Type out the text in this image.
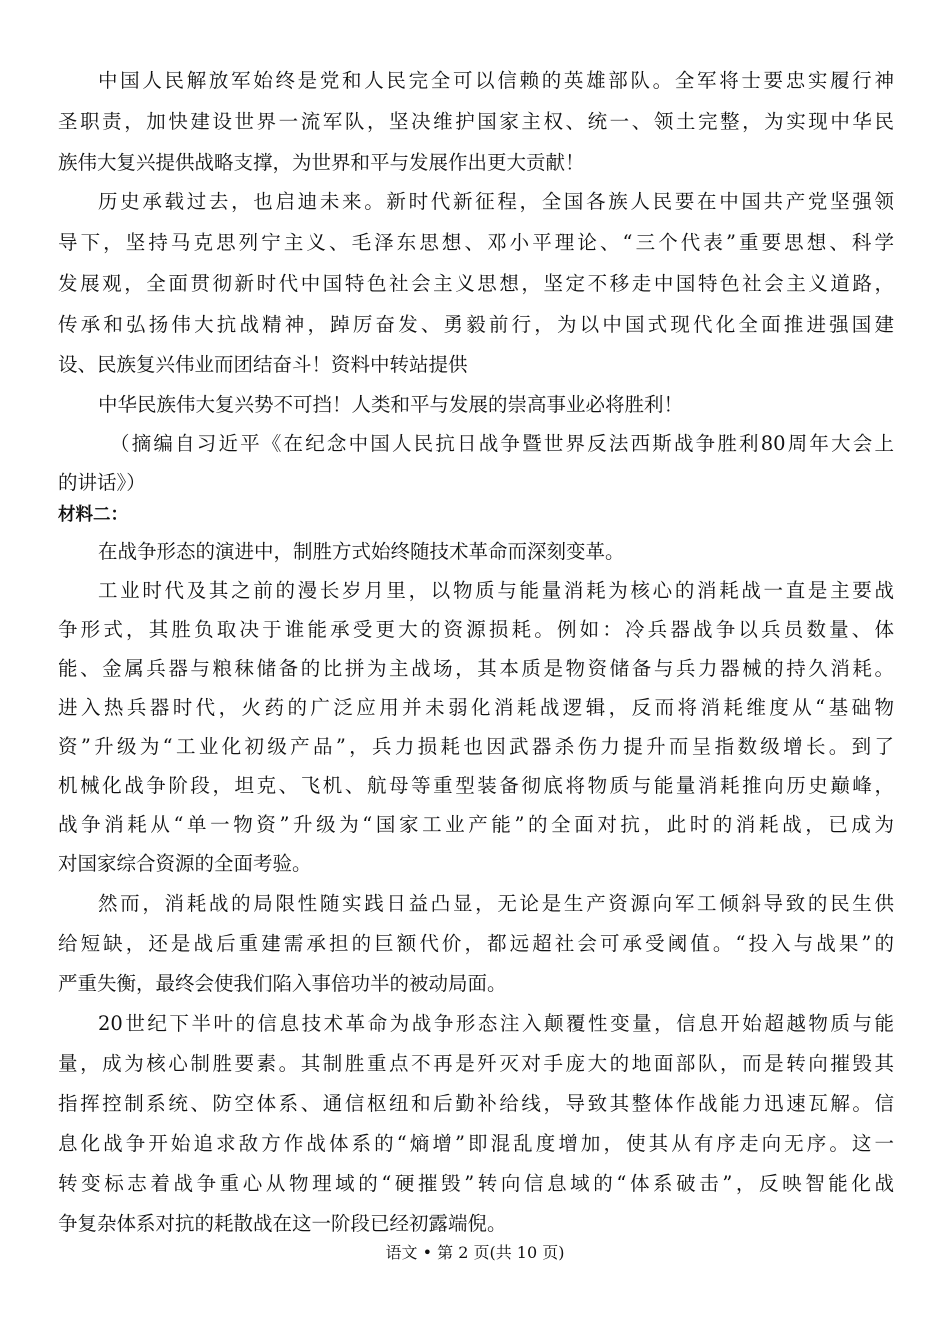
中国人民解放军始终是党和人民完全可以信赖的英雄部队。全军将士要忠实履行神
圣职责，加快建设世界一流军队，坚决维护国家主权、统一、领土完整，为实现中华民
族伟大复兴提供战略支撑，为世界和平与发展作出更大贡献！
历史承载过去，也启迪未来。新时代新征程，全国各族人民要在中国共产党坚强领
导下，坚持马克思列宁主义、毛泽东思想、邓小平理论、“三个代表”重要思想、科学
发展观，全面贯彻新时代中国特色社会主义思想，坚定不移走中国特色社会主义道路，
传承和弘扬伟大抗战精神，踔厉奋发、勇毅前行，为以中国式现代化全面推进强国建
设、民族复兴伟业而团结奋斗！资料中转站提供
中华民族伟大复兴势不可挡！人类和平与发展的崇高事业必将胜利！
（摘编自习近平《在纪念中国人民抗日战争暨世界反法西斯战争胜利80周年大会上
的讲话》）
材料二：
在战争形态的演进中，制胜方式始终随技术革命而深刻变革。
工业时代及其之前的漫长岁月里，以物质与能量消耗为核心的消耗战一直是主要战
争形式，其胜负取决于谁能承受更大的资源损耗。例如：冷兵器战争以兵员数量、体
能、金属兵器与粮秣储备的比拼为主战场，其本质是物资储备与兵力器械的持久消耗。
进入热兵器时代，火药的广泛应用并未弱化消耗战逻辑，反而将消耗维度从“基础物
资”升级为“工业化初级产品”，兵力损耗也因武器杀伤力提升而呈指数级增长。到了
机械化战争阶段，坦克、飞机、航母等重型装备彻底将物质与能量消耗推向历史巅峰，
战争消耗从“单一物资”升级为“国家工业产能”的全面对抗，此时的消耗战，已成为
对国家综合资源的全面考验。
然而，消耗战的局限性随实践日益凸显，无论是生产资源向军工倾斜导致的民生供
给短缺，还是战后重建需承担的巨额代价，都远超社会可承受阈值。“投入与战果”的
严重失衡，最终会使我们陷入事倍功半的被动局面。
20世纪下半叶的信息技术革命为战争形态注入颠覆性变量，信息开始超越物质与能
量，成为核心制胜要素。其制胜重点不再是歼灭对手庞大的地面部队，而是转向摧毁其
指挥控制系统、防空体系、通信枢纽和后勤补给线，导致其整体作战能力迅速瓦解。信
息化战争开始追求敌方作战体系的“熵增”即混乱度增加，使其从有序走向无序。这一
转变标志着战争重心从物理域的“硬摧毁”转向信息域的“体系破击”，反映智能化战
争复杂体系对抗的耗散战在这一阶段已经初露端倪。
语文 • 第 2 页(共 10 页)
